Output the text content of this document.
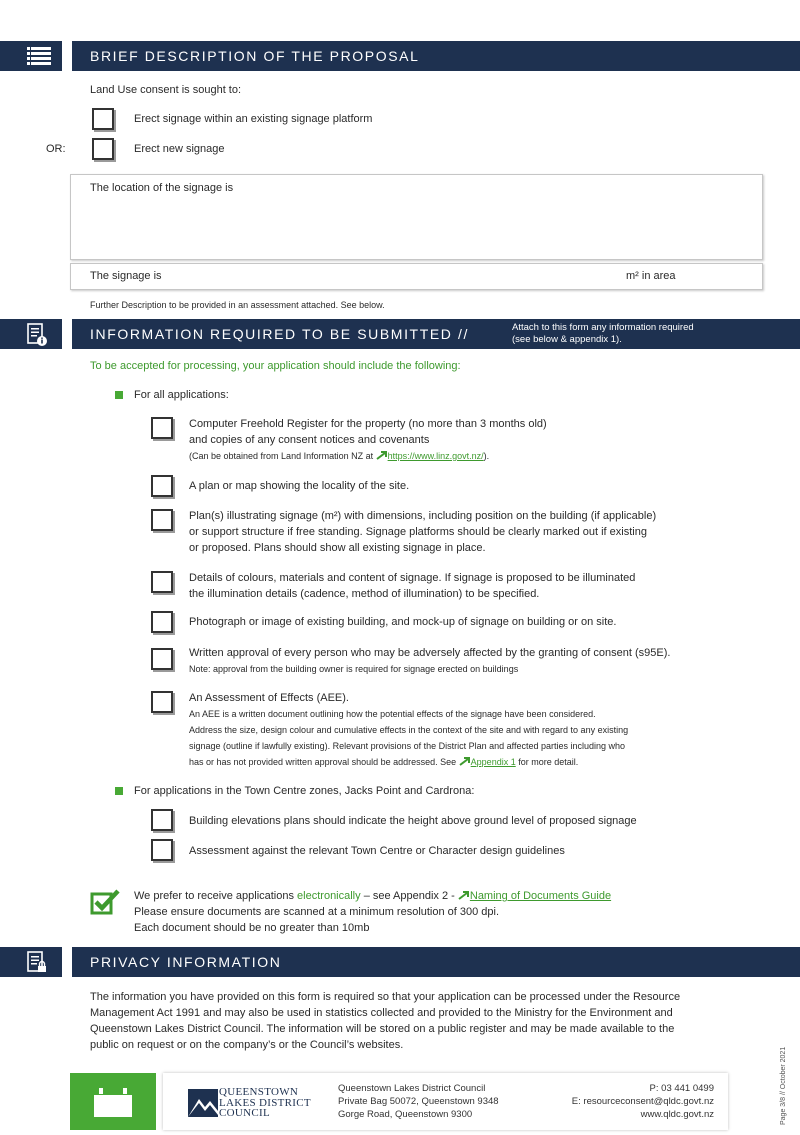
BRIEF DESCRIPTION OF THE PROPOSAL
Land Use consent is sought to:
Erect signage within an existing signage platform
OR:	Erect new signage
The location of the signage is
The signage is	m² in area
Further Description to be provided in an assessment attached. See below.
INFORMATION REQUIRED TO BE SUBMITTED //	Attach to this form any information required
(see below & appendix 1).
To be accepted for processing, your application should include the following:
For all applications:
Computer Freehold Register for the property (no more than 3 months old)
and copies of any consent notices and covenants
(Can be obtained from Land Information NZ at https://www.linz.govt.nz/).
A plan or map showing the locality of the site.
Plan(s) illustrating signage (m²) with dimensions, including position on the building (if applicable)
or support structure if free standing. Signage platforms should be clearly marked out if existing
or proposed. Plans should show all existing signage in place.
Details of colours, materials and content of signage. If signage is proposed to be illuminated
the illumination details (cadence, method of illumination) to be specified.
Photograph or image of existing building, and mock-up of signage on building or on site.
Written approval of every person who may be adversely affected by the granting of consent (s95E).
Note: approval from the building owner is required for signage erected on buildings
An Assessment of Effects (AEE).
An AEE is a written document outlining how the potential effects of the signage have been considered.
Address the size, design colour and cumulative effects in the context of the site and with regard to any existing
signage (outline if lawfully existing). Relevant provisions of the District Plan and affected parties including who
has or has not provided written approval should be addressed. See Appendix 1 for more detail.
For applications in the Town Centre zones, Jacks Point and Cardrona:
Building elevations plans should indicate the height above ground level of proposed signage
Assessment against the relevant Town Centre or Character design guidelines
We prefer to receive applications electronically – see Appendix 2 - Naming of Documents Guide
Please ensure documents are scanned at a minimum resolution of 300 dpi.
Each document should be no greater than 10mb
PRIVACY INFORMATION
The information you have provided on this form is required so that your application can be processed under the Resource
Management Act 1991 and may also be used in statistics collected and provided to the Ministry for the Environment and
Queenstown Lakes District Council. The information will be stored on a public register and may be made available to the
public on request or on the company’s or the Council’s websites.
Page 3/8 // October 2021
QUEENSTOWN
LAKES DISTRICT
COUNCIL
Queenstown Lakes District Council
Private Bag 50072, Queenstown 9348
Gorge Road, Queenstown 9300
P: 03 441 0499
E: resourceconsent@qldc.govt.nz
www.qldc.govt.nz
